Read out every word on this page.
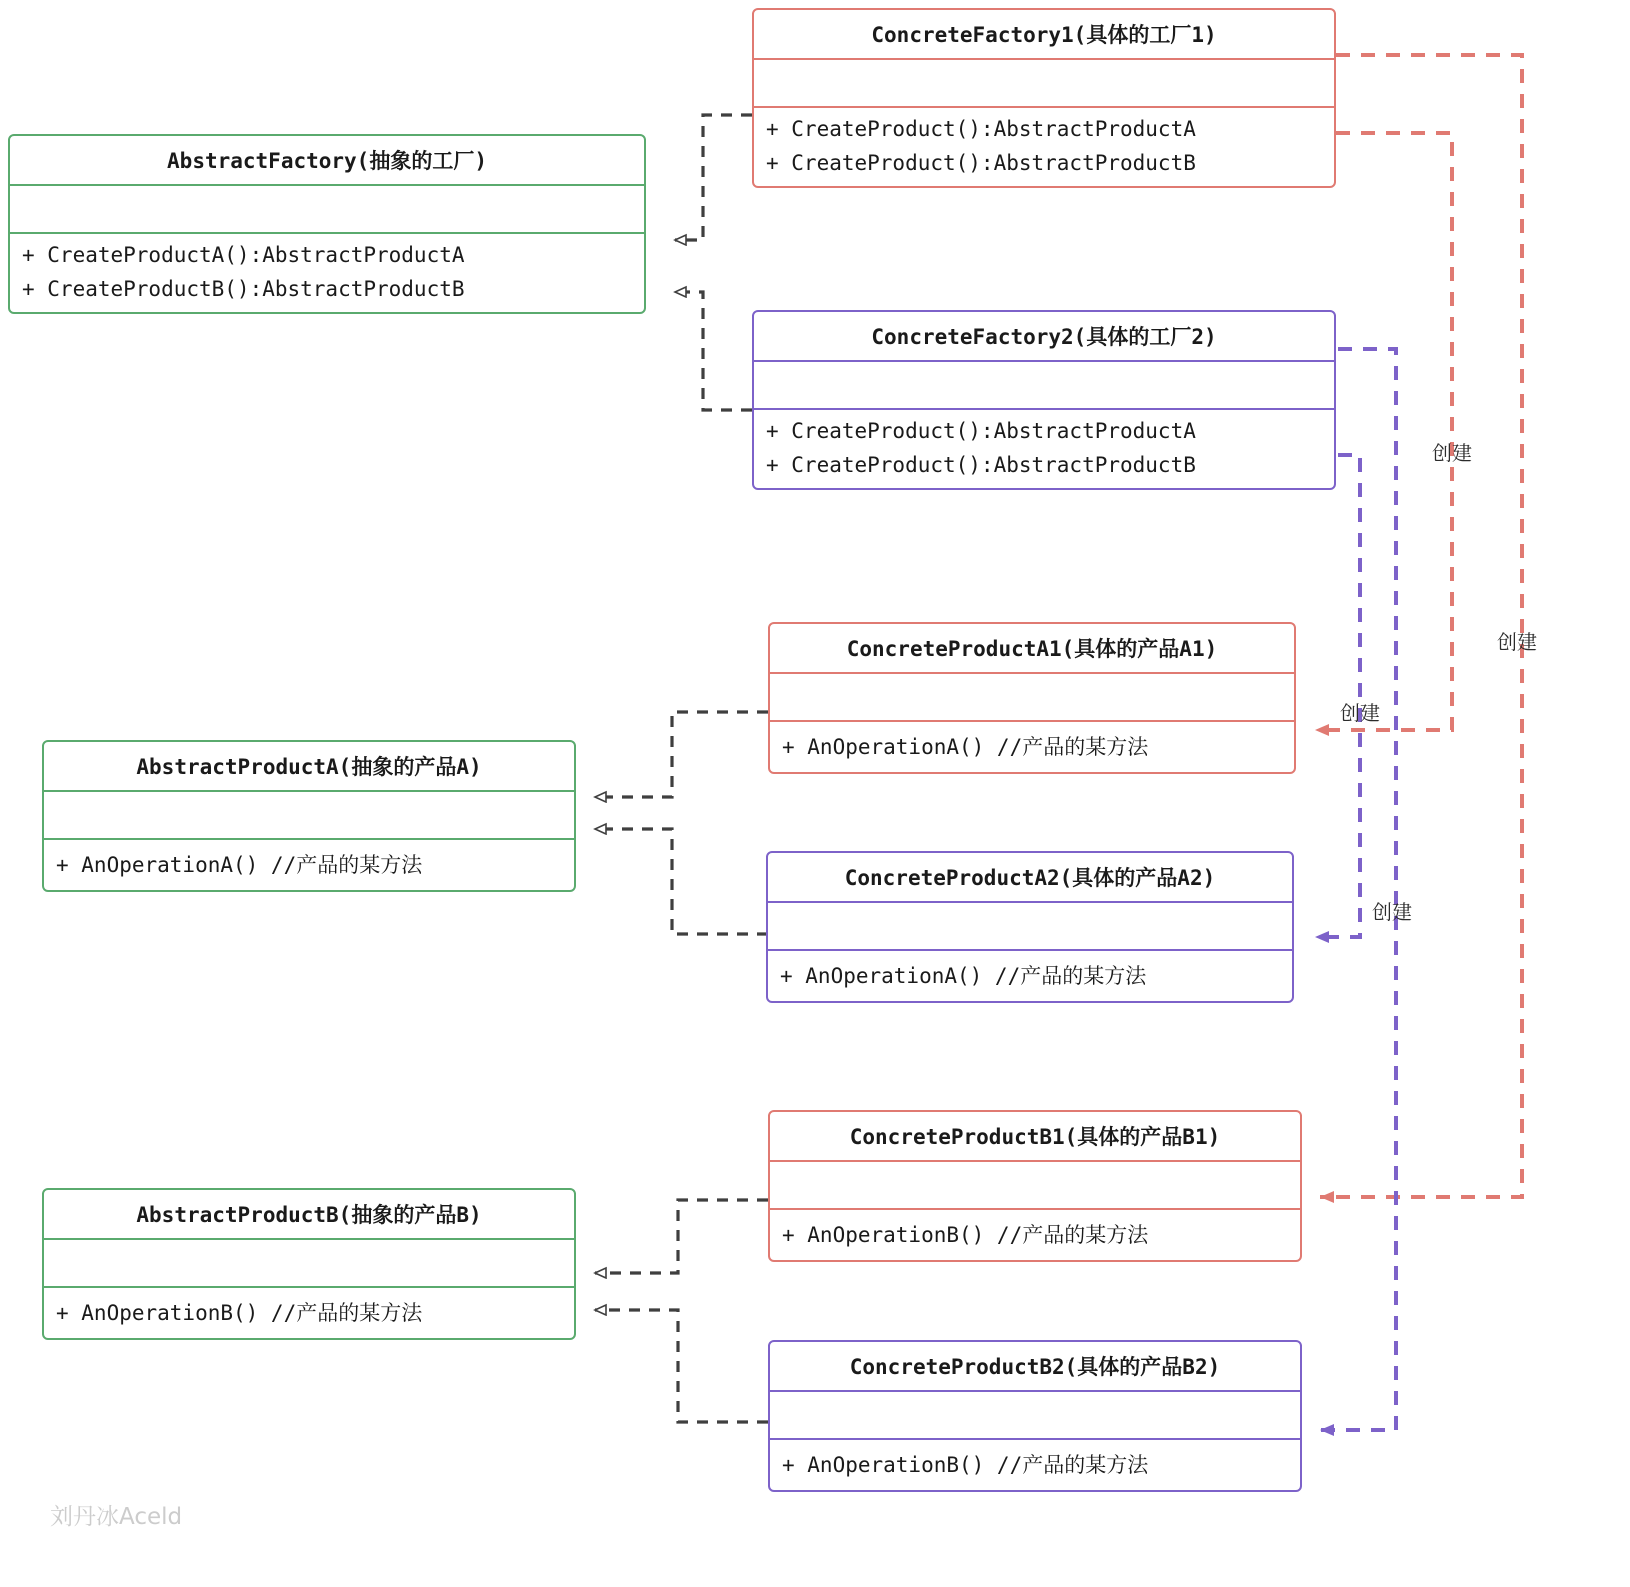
AbstractFactory(抽象的工厂)
+ CreateProductA():AbstractProductA
+ CreateProductB():AbstractProductB
ConcreteFactory1(具体的工厂1)
+ CreateProduct():AbstractProductA
+ CreateProduct():AbstractProductB
ConcreteFactory2(具体的工厂2)
+ CreateProduct():AbstractProductA
+ CreateProduct():AbstractProductB
AbstractProductA(抽象的产品A)
+ AnOperationA() //产品的某方法
ConcreteProductA1(具体的产品A1)
+ AnOperationA() //产品的某方法
ConcreteProductA2(具体的产品A2)
+ AnOperationA() //产品的某方法
AbstractProductB(抽象的产品B)
+ AnOperationB() //产品的某方法
ConcreteProductB1(具体的产品B1)
+ AnOperationB() //产品的某方法
ConcreteProductB2(具体的产品B2)
+ AnOperationB() //产品的某方法
创建
创建
创建
创建
刘丹冰Aceld
